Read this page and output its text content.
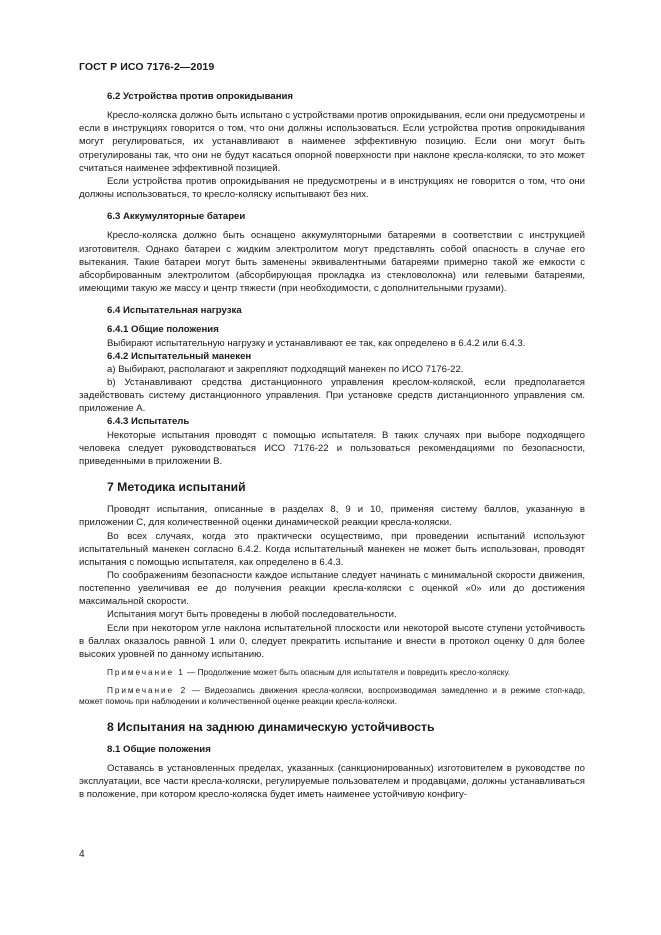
ГОСТ Р ИСО 7176-2—2019

6.2 Устройства против опрокидывания

Кресло-коляска должно быть испытано с устройствами против опрокидывания, если они предусмотрены и если в инструкциях говорится о том, что они должны использоваться. Если устройства против опрокидывания могут регулироваться, их устанавливают в наименее эффективную позицию. Если они могут быть отрегулированы так, что они не будут касаться опорной поверхности при наклоне кресла-коляски, то это может считаться наименее эффективной позицией.

Если устройства против опрокидывания не предусмотрены и в инструкциях не говорится о том, что они должны использоваться, то кресло-коляску испытывают без них.

6.3 Аккумуляторные батареи

Кресло-коляска должно быть оснащено аккумуляторными батареями в соответствии с инструкцией изготовителя. Однако батареи с жидким электролитом могут представлять собой опасность в случае его вытекания. Такие батареи могут быть заменены эквивалентными батареями примерно такой же емкости с абсорбированным электролитом (абсорбирующая прокладка из стекловолокна) или гелевыми батареями, имеющими такую же массу и центр тяжести (при необходимости, с дополнительными грузами).

6.4 Испытательная нагрузка

6.4.1 Общие положения

Выбирают испытательную нагрузку и устанавливают ее так, как определено в 6.4.2 или 6.4.3.

6.4.2 Испытательный манекен

а) Выбирают, располагают и закрепляют подходящий манекен по ИСО 7176-22.

b) Устанавливают средства дистанционного управления креслом-коляской, если предполагается задействовать систему дистанционного управления. При установке средств дистанционного управления см. приложение А.

6.4.3 Испытатель

Некоторые испытания проводят с помощью испытателя. В таких случаях при выборе подходящего человека следует руководствоваться ИСО 7176-22 и пользоваться рекомендациями по безопасности, приведенными в приложении В.

7 Методика испытаний

Проводят испытания, описанные в разделах 8, 9 и 10, применяя систему баллов, указанную в приложении С, для количественной оценки динамической реакции кресла-коляски.

Во всех случаях, когда это практически осуществимо, при проведении испытаний используют испытательный манекен согласно 6.4.2. Когда испытательный манекен не может быть использован, проводят испытания с помощью испытателя, как определено в 6.4.3.

По соображениям безопасности каждое испытание следует начинать с минимальной скорости движения, постепенно увеличивая ее до получения реакции кресла-коляски с оценкой «0» или до достижения максимальной скорости.

Испытания могут быть проведены в любой последовательности.

Если при некотором угле наклона испытательной плоскости или некоторой высоте ступени устойчивость в баллах оказалось равной 1 или 0, следует прекратить испытание и внести в протокол оценку 0 для более высоких уровней по данному испытанию.

Примечание 1 — Продолжение может быть опасным для испытателя и повредить кресло-коляску.

Примечание 2 — Видеозапись движения кресла-коляски, воспроизводимая замедленно и в режиме стоп-кадр, может помочь при наблюдении и количественной оценке реакции кресла-коляски.

8 Испытания на заднюю динамическую устойчивость

8.1 Общие положения

Оставаясь в установленных пределах, указанных (санкционированных) изготовителем в руководстве по эксплуатации, все части кресла-коляски, регулируемые пользователем и продавцами, должны устанавливаться в положение, при котором кресло-коляска будет иметь наименее устойчивую конфигу-

4
